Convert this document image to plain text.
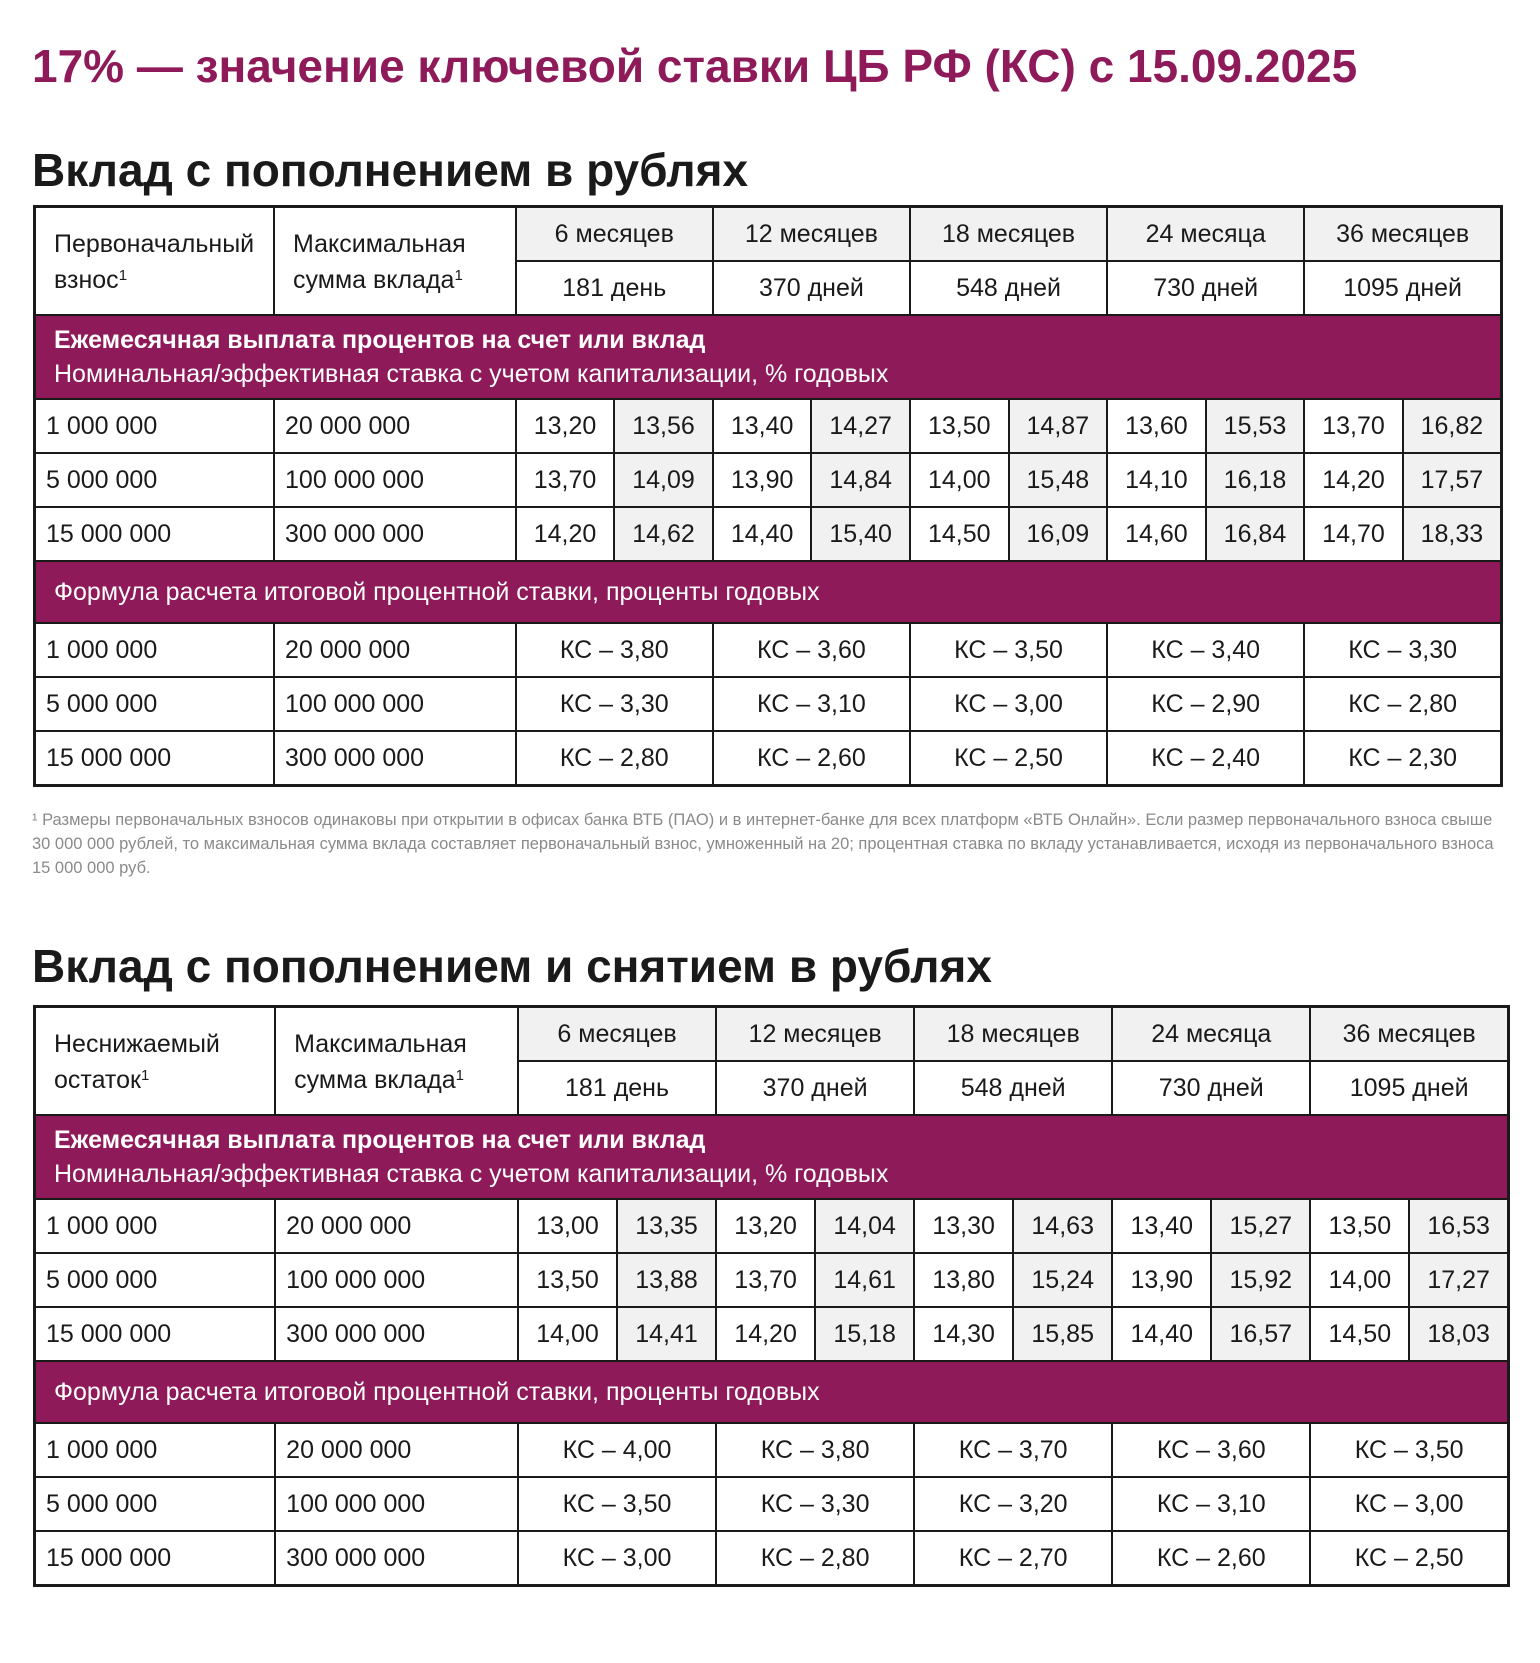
17% — значение ключевой ставки ЦБ РФ (КС) с 15.09.2025
Вклад с пополнением в рублях
Первоначальный взнос$^1$	Максимальная сумма вклада$^1$	6 месяцев		12 месяцев		18 месяцев		24 месяца		36 месяцев	
		181 день		370 дней		548 дней		730 дней		1095 дней	

Ежемесячная выплата процентов на счет или вклад
Номинальная/эффективная ставка с учетом капитализации, % годовых											

1 000 000	20 000 000	13,20	13,56	13,40	14,27	13,50	14,87	13,60	15,53	13,70	16,82
5 000 000	100 000 000	13,70	14,09	13,90	14,84	14,00	15,48	14,10	16,18	14,20	17,57
15 000 000	300 000 000	14,20	14,62	14,40	15,40	14,50	16,09	14,60	16,84	14,70	18,33
Формула расчета итоговой процентной ставки, проценты годовых											
1 000 000	20 000 000	КС – 3,80		КС – 3,60		КС – 3,50		КС – 3,40		КС – 3,30	
5 000 000	100 000 000	КС – 3,30		КС – 3,10		КС – 3,00		КС – 2,90		КС – 2,80	
15 000 000	300 000 000	КС – 2,80		КС – 2,60		КС – 2,50		КС – 2,40		КС – 2,30	

¹ Размеры первоначальных взносов одинаковы при открытии в офисах банка ВТБ (ПАО) и в интернет-банке для всех платформ «ВТБ Онлайн». Если размер первоначального взноса свыше 30 000 000 рублей, то максимальная сумма вклада составляет первоначальный взнос, умноженный на 20; процентная ставка по вкладу устанавливается, исходя из первоначального взноса 15 000 000 руб.

Вклад с пополнением и снятием в рублях
Неснижаемый остаток$^1$	Максимальная сумма вклада$^1$	6 месяцев		12 месяцев		18 месяцев		24 месяца		36 месяцев	
		181 день		370 дней		548 дней		730 дней		1095 дней	

Ежемесячная выплата процентов на счет или вклад
Номинальная/эффективная ставка с учетом капитализации, % годовых											

1 000 000	20 000 000	13,00	13,35	13,20	14,04	13,30	14,63	13,40	15,27	13,50	16,53
5 000 000	100 000 000	13,50	13,88	13,70	14,61	13,80	15,24	13,90	15,92	14,00	17,27
15 000 000	300 000 000	14,00	14,41	14,20	15,18	14,30	15,85	14,40	16,57	14,50	18,03
Формула расчета итоговой процентной ставки, проценты годовых											
1 000 000	20 000 000	КС – 4,00		КС – 3,80		КС – 3,70		КС – 3,60		КС – 3,50	
5 000 000	100 000 000	КС – 3,50		КС – 3,30		КС – 3,20		КС – 3,10		КС – 3,00	
15 000 000	300 000 000	КС – 3,00		КС – 2,80		КС – 2,70		КС – 2,60		КС – 2,50	
